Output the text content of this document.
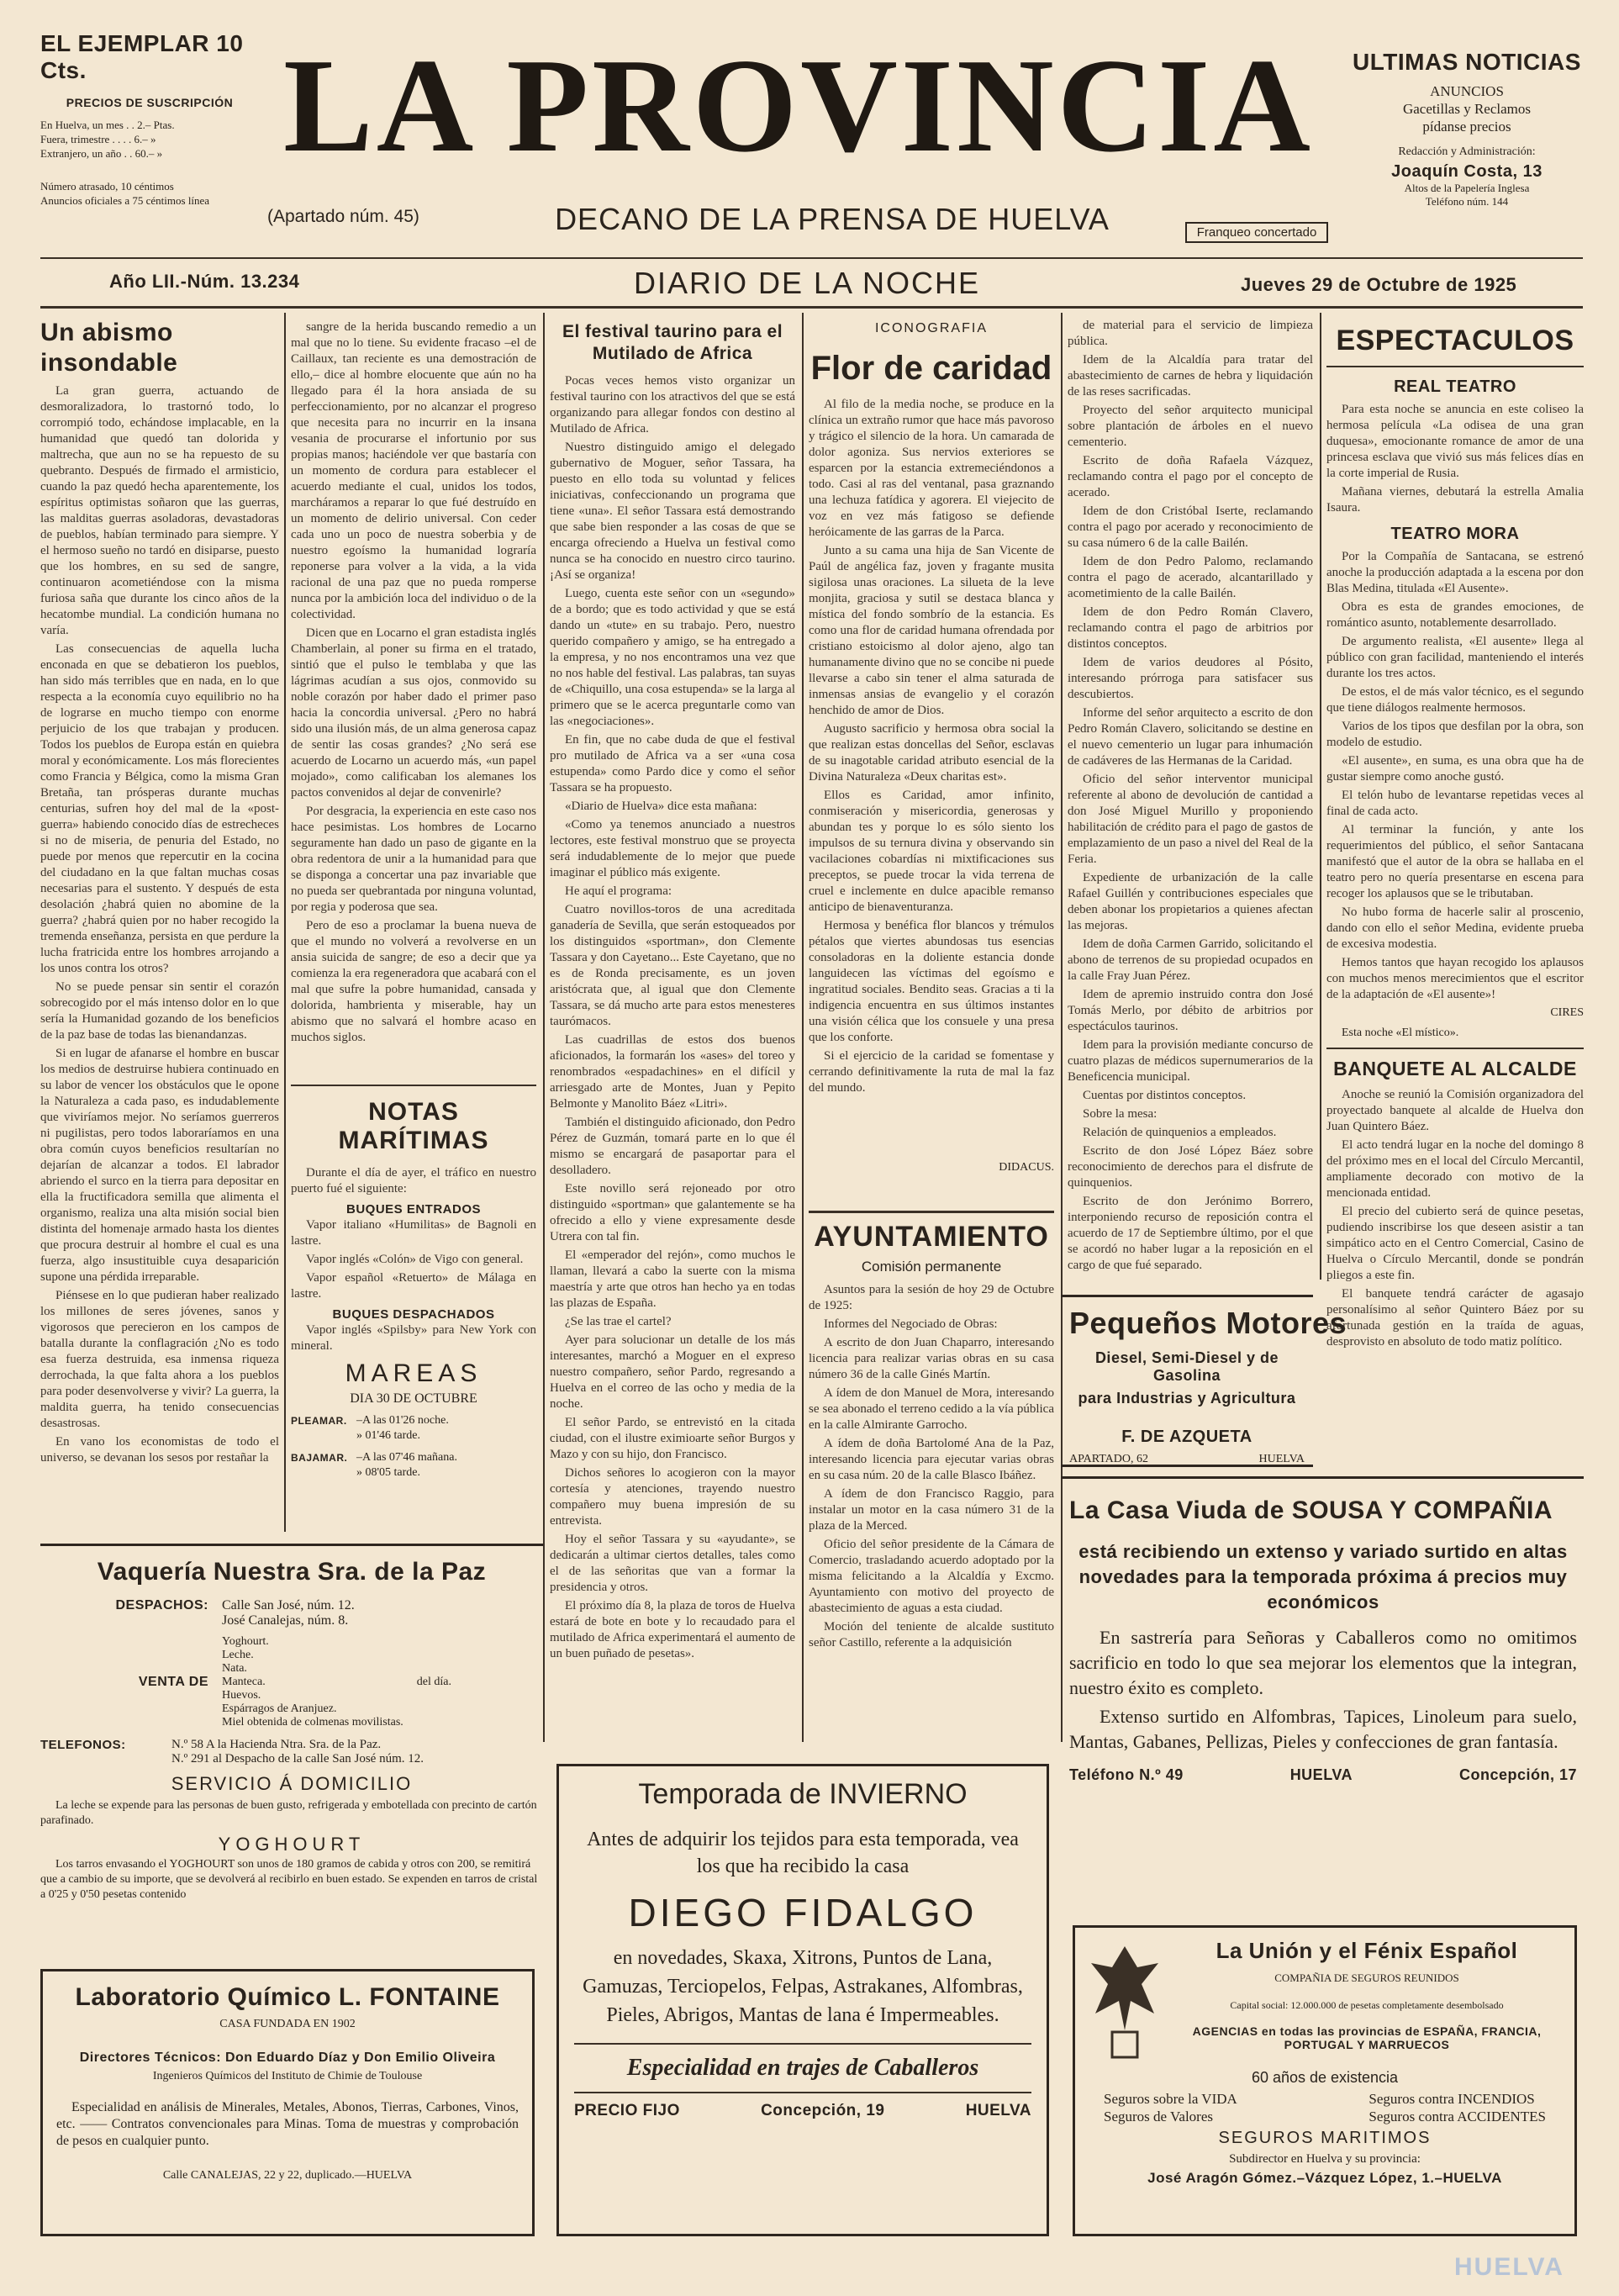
EL EJEMPLAR 10 Cts.
PRECIOS DE SUSCRIPCIÓN
En Huelva, un mes . . 2.– Ptas.
Fuera, trimestre . . . . 6.– »
Extranjero, un año . . 60.– »
Número atrasado, 10 céntimos
Anuncios oficiales a 75 céntimos línea
LA PROVINCIA
(Apartado núm. 45)	DECANO DE LA PRENSA DE HUELVA	Franqueo concertado
ULTIMAS NOTICIAS
ANUNCIOS
Gacetillas y Reclamos
pídanse precios
Redacción y Administración:
Joaquín Costa, 13
Altos de la Papelería Inglesa
Teléfono núm. 144
Año LII.-Núm. 13.234	DIARIO DE LA NOCHE	Jueves 29 de Octubre de 1925
Un abismo insondable

La gran guerra, actuando de desmoralizadora, lo trastornó todo, lo corrompió todo, echándose implacable, en la humanidad que quedó tan dolorida y maltrecha, que aun no se ha repuesto de su quebranto. Después de firmado el armisticio, cuando la paz quedó hecha aparentemente, los espíritus optimistas soñaron que las guerras, las malditas guerras asoladoras, devastadoras de pueblos, habían terminado para siempre. Y el hermoso sueño no tardó en disiparse, puesto que los hombres, en su sed de sangre, continuaron acometiéndose con la misma furiosa saña que durante los cinco años de la hecatombe mundial. La condición humana no varía.

Las consecuencias de aquella lucha enconada en que se debatieron los pueblos, han sido más terribles que en nada, en lo que respecta a la economía cuyo equilibrio no ha de lograrse en mucho tiempo con enorme perjuicio de los que trabajan y producen. Todos los pueblos de Europa están en quiebra moral y económicamente. Los más florecientes como Francia y Bélgica, como la misma Gran Bretaña, tan prósperas durante muchas centurias, sufren hoy del mal de la «post-guerra» habiendo conocido días de estrecheces si no de miseria, de penuria del Estado, no puede por menos que repercutir en la cocina del ciudadano en la que faltan muchas cosas necesarias para el sustento. Y después de esta desolación ¿habrá quien no abomine de la guerra? ¿habrá quien por no haber recogido la tremenda enseñanza, persista en que perdure la lucha fratricida entre los hombres arrojando a los unos contra los otros?

No se puede pensar sin sentir el corazón sobrecogido por el más intenso dolor en lo que sería la Humanidad gozando de los beneficios de la paz base de todas las bienandanzas.

Si en lugar de afanarse el hombre en buscar los medios de destruirse hubiera continuado en su labor de vencer los obstáculos que le opone la Naturaleza a cada paso, es indudablemente que viviríamos mejor. No seríamos guerreros ni pugilistas, pero todos laboraríamos en una obra común cuyos beneficios resultarían no dejarían de alcanzar a todos. El labrador abriendo el surco en la tierra para depositar en ella la fructificadora semilla que alimenta el organismo, realiza una alta misión social bien distinta del homenaje armado hasta los dientes que procura destruir al hombre el cual es una fuerza, algo insustituible cuya desaparición supone una pérdida irreparable.

Piénsese en lo que pudieran haber realizado los millones de seres jóvenes, sanos y vigorosos que perecieron en los campos de batalla durante la conflagración ¿No es todo esa fuerza destruida, esa inmensa riqueza derrochada, la que falta ahora a los pueblos para poder desenvolverse y vivir? La guerra, la maldita guerra, ha tenido consecuencias desastrosas.

En vano los economistas de todo el universo, se devanan los sesos por restañar la

sangre de la herida buscando remedio a un mal que no lo tiene. Su evidente fracaso –el de Caillaux, tan reciente es una demostración de ello,– dice al hombre elocuente que aún no ha llegado para él la hora ansiada de su perfeccionamiento, por no alcanzar el progreso que necesita para no incurrir en la insana vesania de procurarse el infortunio por sus propias manos; haciéndole ver que bastaría con un momento de cordura para establecer el acuerdo mediante el cual, unidos los todos, marcháramos a reparar lo que fué destruído en un momento de delirio universal. Con ceder cada uno un poco de nuestra soberbia y de nuestro egoísmo la humanidad lograría reponerse para volver a la vida, a la vida racional de una paz que no pueda romperse nunca por la ambición loca del individuo o de la colectividad.

Dicen que en Locarno el gran estadista inglés Chamberlain, al poner su firma en el tratado, sintió que el pulso le temblaba y que las lágrimas acudían a sus ojos, conmovido su noble corazón por haber dado el primer paso hacia la concordia universal. ¿Pero no habrá sido una ilusión más, de un alma generosa capaz de sentir las cosas grandes? ¿No será ese acuerdo de Locarno un acuerdo más, «un papel mojado», como calificaban los alemanes los pactos convenidos al dejar de convenirle?

Por desgracia, la experiencia en este caso nos hace pesimistas. Los hombres de Locarno seguramente han dado un paso de gigante en la obra redentora de unir a la humanidad para que se disponga a concertar una paz invariable que no pueda ser quebrantada por ninguna voluntad, por regia y poderosa que sea.

Pero de eso a proclamar la buena nueva de que el mundo no volverá a revolverse en un ansia suicida de sangre; de eso a decir que ya comienza la era regeneradora que acabará con el mal que sufre la pobre humanidad, cansada y dolorida, hambrienta y miserable, hay un abismo que no salvará el hombre acaso en muchos siglos.

NOTAS MARÍTIMAS
Durante el día de ayer, el tráfico en nuestro puerto fué el siguiente:
BUQUES ENTRADOS

Vapor italiano «Humilitas» de Bagnoli en lastre.

Vapor inglés «Colón» de Vigo con general.

Vapor español «Retuerto» de Málaga en lastre.

BUQUES DESPACHADOS

Vapor inglés «Spilsby» para New York con mineral.

MAREAS
DIA 30 DE OCTUBRE
PLEAMAR. –A las 01'26 noche.
» 01'46 tarde.
BAJAMAR. –A las 07'46 mañana.
» 08'05 tarde.
El festival taurino para el Mutilado de Africa

Pocas veces hemos visto organizar un festival taurino con los atractivos del que se está organizando para allegar fondos con destino al Mutilado de Africa.

Nuestro distinguido amigo el delegado gubernativo de Moguer, señor Tassara, ha puesto en ello toda su voluntad y felices iniciativas, confeccionando un programa que tiene «una». El señor Tassara está demostrando que sabe bien responder a las cosas de que se encarga ofreciendo a Huelva un festival como nunca se ha conocido en nuestro circo taurino. ¡Así se organiza!

Luego, cuenta este señor con un «segundo» de a bordo; que es todo actividad y que se está dando un «tute» en su trabajo. Pero, nuestro querido compañero y amigo, se ha entregado a la empresa, y no nos encontramos una vez que no nos hable del festival. Las palabras, tan suyas de «Chiquillo, una cosa estupenda» se la larga al primero que se le acerca preguntarle como van las «negociaciones».

En fin, que no cabe duda de que el festival pro mutilado de Africa va a ser «una cosa estupenda» como Pardo dice y como el señor Tassara se ha propuesto.

«Diario de Huelva» dice esta mañana:

«Como ya tenemos anunciado a nuestros lectores, este festival monstruo que se proyecta será indudablemente de lo mejor que puede imaginar el público más exigente.

He aquí el programa:

Cuatro novillos-toros de una acreditada ganadería de Sevilla, que serán estoqueados por los distinguidos «sportman», don Clemente Tassara y don Cayetano... Este Cayetano, que no es de Ronda precisamente, es un joven aristócrata que, al igual que don Clemente Tassara, se dá mucho arte para estos menesteres taurómacos.

Las cuadrillas de estos dos buenos aficionados, la formarán los «ases» del toreo y renombrados «espadachines» en el difícil y arriesgado arte de Montes, Juan y Pepito Belmonte y Manolito Báez «Litri».

También el distinguido aficionado, don Pedro Pérez de Guzmán, tomará parte en lo que él mismo se encargará de pasaportar para el desolladero.

Este novillo será rejoneado por otro distinguido «sportman» que galantemente se ha ofrecido a ello y viene expresamente desde Utrera con tal fin.

El «emperador del rejón», como muchos le llaman, llevará a cabo la suerte con la misma maestría y arte que otros han hecho ya en todas las plazas de España.

¿Se las trae el cartel?

Ayer para solucionar un detalle de los más interesantes, marchó a Moguer en el expreso nuestro compañero, señor Pardo, regresando a Huelva en el correo de las ocho y media de la noche.

El señor Pardo, se entrevistó en la citada ciudad, con el ilustre eximioarte señor Burgos y Mazo y con su hijo, don Francisco.

Dichos señores lo acogieron con la mayor cortesía y atenciones, trayendo nuestro compañero muy buena impresión de su entrevista.

Hoy el señor Tassara y su «ayudante», se dedicarán a ultimar ciertos detalles, tales como el de las señoritas que van a formar la presidencia y otros.

El próximo día 8, la plaza de toros de Huelva estará de bote en bote y lo recaudado para el mutilado de Africa experimentará el aumento de un buen puñado de pesetas».

ICONOGRAFIA
Flor de caridad

Al filo de la media noche, se produce en la clínica un extraño rumor que hace más pavoroso y trágico el silencio de la hora. Un camarada de dolor agoniza. Sus nervios exteriores se esparcen por la estancia extremeciéndonos a todo. Casi al ras del ventanal, pasa graznando una lechuza fatídica y agorera. El viejecito de voz en vez más fatigoso se defiende heróicamente de las garras de la Parca.

Junto a su cama una hija de San Vicente de Paúl de angélica faz, joven y fragante musita sigilosa unas oraciones. La silueta de la leve monjita, graciosa y sutil se destaca blanca y mística del fondo sombrío de la estancia. Es como una flor de caridad humana ofrendada por cristiano estoicismo al dolor ajeno, algo tan humanamente divino que no se concibe ni puede llevarse a cabo sin tener el alma saturada de inmensas ansias de evangelio y el corazón henchido de amor de Dios.

Augusto sacrificio y hermosa obra social la que realizan estas doncellas del Señor, esclavas de su inagotable caridad atributo esencial de la Divina Naturaleza «Deux charitas est».

Ellos es Caridad, amor infinito, conmiseración y misericordia, generosas y abundan tes y porque lo es sólo siento los impulsos de su ternura divina y observando sin vacilaciones cobardías ni mixtificaciones sus preceptos, se puede trocar la vida terrena de cruel e inclemente en dulce apacible remanso anticipo de bienaventuranza.

Hermosa y benéfica flor blancos y trémulos pétalos que viertes abundosas tus esencias consoladoras en la doliente estancia donde languidecen las víctimas del egoísmo e ingratitud sociales. Bendito seas. Gracias a ti la indigencia encuentra en sus últimos instantes una visión célica que los consuele y una presa que los conforte.

Si el ejercicio de la caridad se fomentase y cerrando definitivamente la ruta de mal la faz del mundo.

DIDACUS.
AYUNTAMIENTO
Comisión permanente

Asuntos para la sesión de hoy 29 de Octubre de 1925:

Informes del Negociado de Obras:

A escrito de don Juan Chaparro, interesando licencia para realizar varias obras en su casa número 36 de la calle Ginés Martín.

A ídem de don Manuel de Mora, interesando se sea abonado el terreno cedido a la vía pública en la calle Almirante Garrocho.

A ídem de doña Bartolomé Ana de la Paz, interesando licencia para ejecutar varias obras en su casa núm. 20 de la calle Blasco Ibáñez.

A ídem de don Francisco Raggio, para instalar un motor en la casa número 31 de la plaza de la Merced.

Oficio del señor presidente de la Cámara de Comercio, trasladando acuerdo adoptado por la misma felicitando a la Alcaldía y Excmo. Ayuntamiento con motivo del proyecto de abastecimiento de aguas a esta ciudad.

Moción del teniente de alcalde sustituto señor Castillo, referente a la adquisición

de material para el servicio de limpieza pública.

Idem de la Alcaldía para tratar del abastecimiento de carnes de hebra y liquidación de las reses sacrificadas.

Proyecto del señor arquitecto municipal sobre plantación de árboles en el nuevo cementerio.

Escrito de doña Rafaela Vázquez, reclamando contra el pago por el concepto de acerado.

Idem de don Cristóbal Iserte, reclamando contra el pago por acerado y reconocimiento de su casa número 6 de la calle Bailén.

Idem de don Pedro Palomo, reclamando contra el pago de acerado, alcantarillado y acometimiento de la calle Bailén.

Idem de don Pedro Román Clavero, reclamando contra el pago de arbitrios por distintos conceptos.

Idem de varios deudores al Pósito, interesando prórroga para satisfacer sus descubiertos.

Informe del señor arquitecto a escrito de don Pedro Román Clavero, solicitando se destine en el nuevo cementerio un lugar para inhumación de cadáveres de las Hermanas de la Caridad.

Oficio del señor interventor municipal referente al abono de devolución de cantidad a don José Miguel Murillo y proponiendo habilitación de crédito para el pago de gastos de emplazamiento de un paso a nivel del Real de la Feria.

Expediente de urbanización de la calle Rafael Guillén y contribuciones especiales que deben abonar los propietarios a quienes afectan las mejoras.

Idem de doña Carmen Garrido, solicitando el abono de terrenos de su propiedad ocupados en la calle Fray Juan Pérez.

Idem de apremio instruido contra don José Tomás Merlo, por débito de arbitrios por espectáculos taurinos.

Idem para la provisión mediante concurso de cuatro plazas de médicos supernumerarios de la Beneficencia municipal.

Cuentas por distintos conceptos.

Sobre la mesa:

Relación de quinquenios a empleados.

Escrito de don José López Báez sobre reconocimiento de derechos para el disfrute de quinquenios.

Escrito de don Jerónimo Borrero, interponiendo recurso de reposición contra el acuerdo de 17 de Septiembre último, por el que se acordó no haber lugar a la reposición en el cargo de que fué separado.

ESPECTACULOS
REAL TEATRO

Para esta noche se anuncia en este coliseo la hermosa película «La odisea de una gran duquesa», emocionante romance de amor de una princesa esclava que vivió sus más felices días en la corte imperial de Rusia.

Mañana viernes, debutará la estrella Amalia Isaura.

TEATRO MORA

Por la Compañía de Santacana, se estrenó anoche la producción adaptada a la escena por don Blas Medina, titulada «El Ausente».

Obra es esta de grandes emociones, de romántico asunto, notablemente desarrollado.

De argumento realista, «El ausente» llega al público con gran facilidad, manteniendo el interés durante los tres actos.

De estos, el de más valor técnico, es el segundo que tiene diálogos realmente hermosos.

Varios de los tipos que desfilan por la obra, son modelo de estudio.

«El ausente», en suma, es una obra que ha de gustar siempre como anoche gustó.

El telón hubo de levantarse repetidas veces al final de cada acto.

Al terminar la función, y ante los requerimientos del público, el señor Santacana manifestó que el autor de la obra se hallaba en el teatro pero no quería presentarse en escena para recoger los aplausos que se le tributaban.

No hubo forma de hacerle salir al proscenio, dando con ello el señor Medina, evidente prueba de excesiva modestia.

Hemos tantos que hayan recogido los aplausos con muchos menos merecimientos que el escritor de la adaptación de «El ausente»!

CIRES
Esta noche «El místico».
BANQUETE AL ALCALDE

Anoche se reunió la Comisión organizadora del proyectado banquete al alcalde de Huelva don Juan Quintero Báez.

El acto tendrá lugar en la noche del domingo 8 del próximo mes en el local del Círculo Mercantil, ampliamente decorado con motivo de la mencionada entidad.

El precio del cubierto será de quince pesetas, pudiendo inscribirse los que deseen asistir a tan simpático acto en el Centro Comercial, Casino de Huelva o Círculo Mercantil, donde se pondrán pliegos a este fin.

El banquete tendrá carácter de agasajo personalísimo al señor Quintero Báez por su afortunada gestión en la traída de aguas, desprovisto en absoluto de todo matiz político.

Pequeños Motores
Diesel, Semi-Diesel y de Gasolina
para Industrias y Agricultura
F. DE AZQUETA
APARTADO, 62	HUELVA
La Casa Viuda de SOUSA Y COMPAÑIA
está recibiendo un extenso y variado surtido en altas novedades para la temporada próxima á precios muy económicos
En sastrería para Señoras y Caballeros como no omitimos sacrificio en todo lo que sea mejorar los elementos que la integran, nuestro éxito es completo.
Extenso surtido en Alfombras, Tapices, Linoleum para suelo, Mantas, Gabanes, Pellizas, Pieles y confecciones de gran fantasía.
Teléfono N.º 49	HUELVA	Concepción, 17
Vaquería Nuestra Sra. de la Paz
DESPACHOS: Calle San José, núm. 12.
José Canalejas, núm. 8.
VENTA DE
Yoghourt.
Leche.
Nata.
Manteca.
Huevos.
Espárragos de Aranjuez.
Miel obtenida de colmenas movilistas.
del día.
TELEFONOS:	N.º 58 A la Hacienda Ntra. Sra. de la Paz.
N.º 291 al Despacho de la calle San José núm. 12.
SERVICIO Á DOMICILIO
La leche se expende para las personas de buen gusto, refrigerada y embotellada con precinto de cartón parafinado.
YOGHOURT
Los tarros envasando el YOGHOURT son unos de 180 gramos de cabida y otros con 200, se remitirá que a cambio de su importe, que se devolverá al recibirlo en buen estado. Se expenden en tarros de cristal a 0'25 y 0'50 pesetas contenido
Laboratorio Químico L. FONTAINE
CASA FUNDADA EN 1902
Directores Técnicos: Don Eduardo Díaz y Don Emilio Oliveira
Ingenieros Químicos del Instituto de Chimie de Toulouse
Especialidad en análisis de Minerales, Metales, Abonos, Tierras, Carbones, Vinos, etc. —— Contratos convencionales para Minas. Toma de muestras y comprobación de pesos en cualquier punto.
Calle CANALEJAS, 22 y 22, duplicado.—HUELVA
Temporada de INVIERNO
Antes de adquirir los tejidos para esta temporada, vea los que ha recibido la casa
DIEGO FIDALGO
en novedades, Skaxa, Xitrons, Puntos de Lana, Gamuzas, Terciopelos, Felpas, Astrakanes, Alfombras, Pieles, Abrigos, Mantas de lana é Impermeables.
Especialidad en trajes de Caballeros
PRECIO FIJO	Concepción, 19	HUELVA
La Unión y el Fénix Español
COMPAÑIA DE SEGUROS REUNIDOS
Capital social: 12.000.000 de pesetas completamente desembolsado
AGENCIAS en todas las provincias de ESPAÑA, FRANCIA, PORTUGAL Y MARRUECOS
60 años de existencia
Seguros sobre la VIDA
Seguros de Valores
Seguros contra INCENDIOS
Seguros contra ACCIDENTES
SEGUROS MARITIMOS
Subdirector en Huelva y su provincia:
José Aragón Gómez.–Vázquez López, 1.–HUELVA
HUELVA
